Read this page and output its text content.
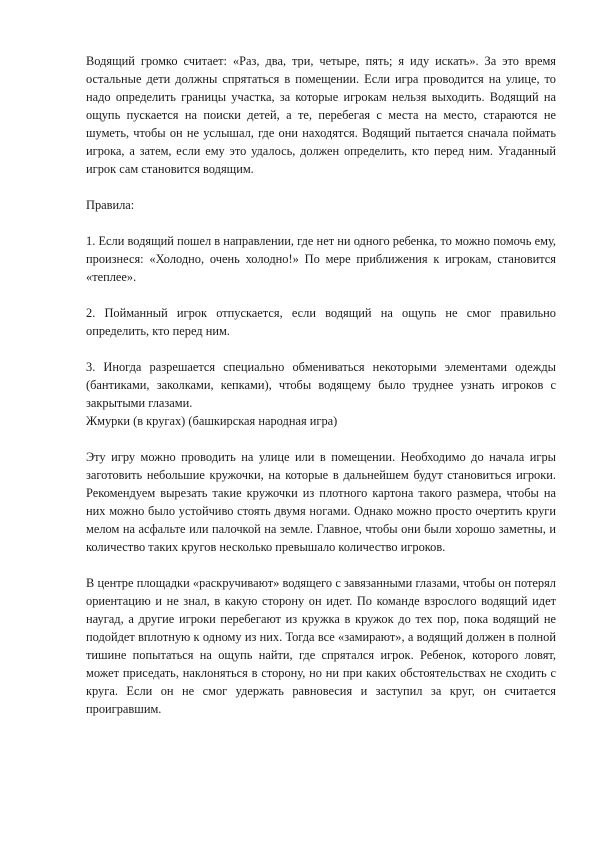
Водящий громко считает: «Раз, два, три, четыре, пять; я иду искать». За это время остальные дети должны спрятаться в помещении. Если игра проводится на улице, то надо определить границы участка, за которые игрокам нельзя выходить. Водящий на ощупь пускается на поиски детей, а те, перебегая с места на место, стараются не шуметь, чтобы он не услышал, где они находятся. Водящий пытается сначала поймать игрока, а затем, если ему это удалось, должен определить, кто перед ним. Угаданный игрок сам становится водящим.

Правила:

1. Если водящий пошел в направлении, где нет ни одного ребенка, то можно помочь ему, произнеся: «Холодно, очень холодно!» По мере приближения к игрокам, становится «теплее».

2. Пойманный игрок отпускается, если водящий на ощупь не смог правильно определить, кто перед ним.

3. Иногда разрешается специально обмениваться некоторыми элементами одежды (бантиками, заколками, кепками), чтобы водящему было труднее узнать игроков с закрытыми глазами.

Жмурки (в кругах) (башкирская народная игра)

Эту игру можно проводить на улице или в помещении. Необходимо до начала игры заготовить небольшие кружочки, на которые в дальнейшем будут становиться игроки. Рекомендуем вырезать такие кружочки из плотного картона такого размера, чтобы на них можно было устойчиво стоять двумя ногами. Однако можно просто очертить круги мелом на асфальте или палочкой на земле. Главное, чтобы они были хорошо заметны, и количество таких кругов несколько превышало количество игроков.

В центре площадки «раскручивают» водящего с завязанными глазами, чтобы он потерял ориентацию и не знал, в какую сторону он идет. По команде взрослого водящий идет наугад, а другие игроки перебегают из кружка в кружок до тех пор, пока водящий не подойдет вплотную к одному из них. Тогда все «замирают», а водящий должен в полной тишине попытаться на ощупь найти, где спрятался игрок. Ребенок, которого ловят, может приседать, наклоняться в сторону, но ни при каких обстоятельствах не сходить с круга. Если он не смог удержать равновесия и заступил за круг, он считается проигравшим.
